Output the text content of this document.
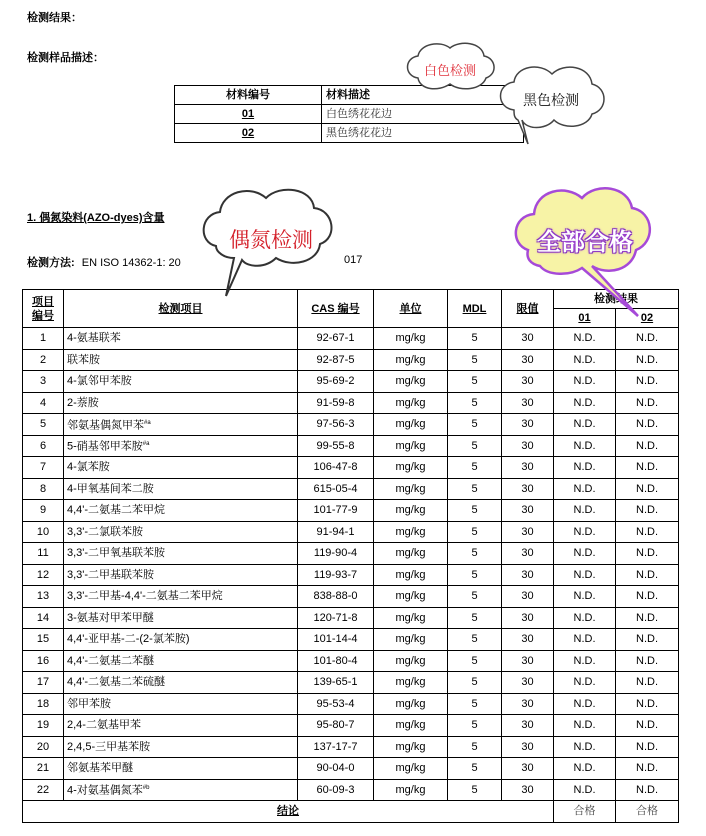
检测结果：
检测样品描述：
材料编号	材料描述
01	白色绣花花边
02	黑色绣花花边
1. 偶氮染料(AZO-dyes)含量
检测方法: EN ISO 14362-1: 20	017
项目
编号	检测项目	CAS 编号	单位	MDL	限值	检测结果	
						01	02
1	4-氨基联苯	92-67-1	mg/kg	5	30	N.D.	N.D.
2	联苯胺	92-87-5	mg/kg	5	30	N.D.	N.D.
3	4-氯邻甲苯胺	95-69-2	mg/kg	5	30	N.D.	N.D.
4	2-萘胺	91-59-8	mg/kg	5	30	N.D.	N.D.
5	邻氨基偶氮甲苯$^{\#a}$	97-56-3	mg/kg	5	30	N.D.	N.D.
6	5-硝基邻甲苯胺$^{\#a}$	99-55-8	mg/kg	5	30	N.D.	N.D.
7	4-氯苯胺	106-47-8	mg/kg	5	30	N.D.	N.D.
8	4-甲氧基间苯二胺	615-05-4	mg/kg	5	30	N.D.	N.D.
9	4,4'-二氨基二苯甲烷	101-77-9	mg/kg	5	30	N.D.	N.D.
10	3,3'-二氯联苯胺	91-94-1	mg/kg	5	30	N.D.	N.D.
11	3,3'-二甲氧基联苯胺	119-90-4	mg/kg	5	30	N.D.	N.D.
12	3,3'-二甲基联苯胺	119-93-7	mg/kg	5	30	N.D.	N.D.
13	3,3'-二甲基-4,4'-二氨基二苯甲烷	838-88-0	mg/kg	5	30	N.D.	N.D.
14	3-氨基对甲苯甲醚	120-71-8	mg/kg	5	30	N.D.	N.D.
15	4,4'-亚甲基-二-(2-氯苯胺)	101-14-4	mg/kg	5	30	N.D.	N.D.
16	4,4'-二氨基二苯醚	101-80-4	mg/kg	5	30	N.D.	N.D.
17	4,4'-二氨基二苯硫醚	139-65-1	mg/kg	5	30	N.D.	N.D.
18	邻甲苯胺	95-53-4	mg/kg	5	30	N.D.	N.D.
19	2,4-二氨基甲苯	95-80-7	mg/kg	5	30	N.D.	N.D.
20	2,4,5-三甲基苯胺	137-17-7	mg/kg	5	30	N.D.	N.D.
21	邻氨基苯甲醚	90-04-0	mg/kg	5	30	N.D.	N.D.
22	4-对氨基偶氮苯$^{\#b}$	60-09-3	mg/kg	5	30	N.D.	N.D.
结论						合格	合格
白色检测
黑色检测
偶氮检测	全部合格
